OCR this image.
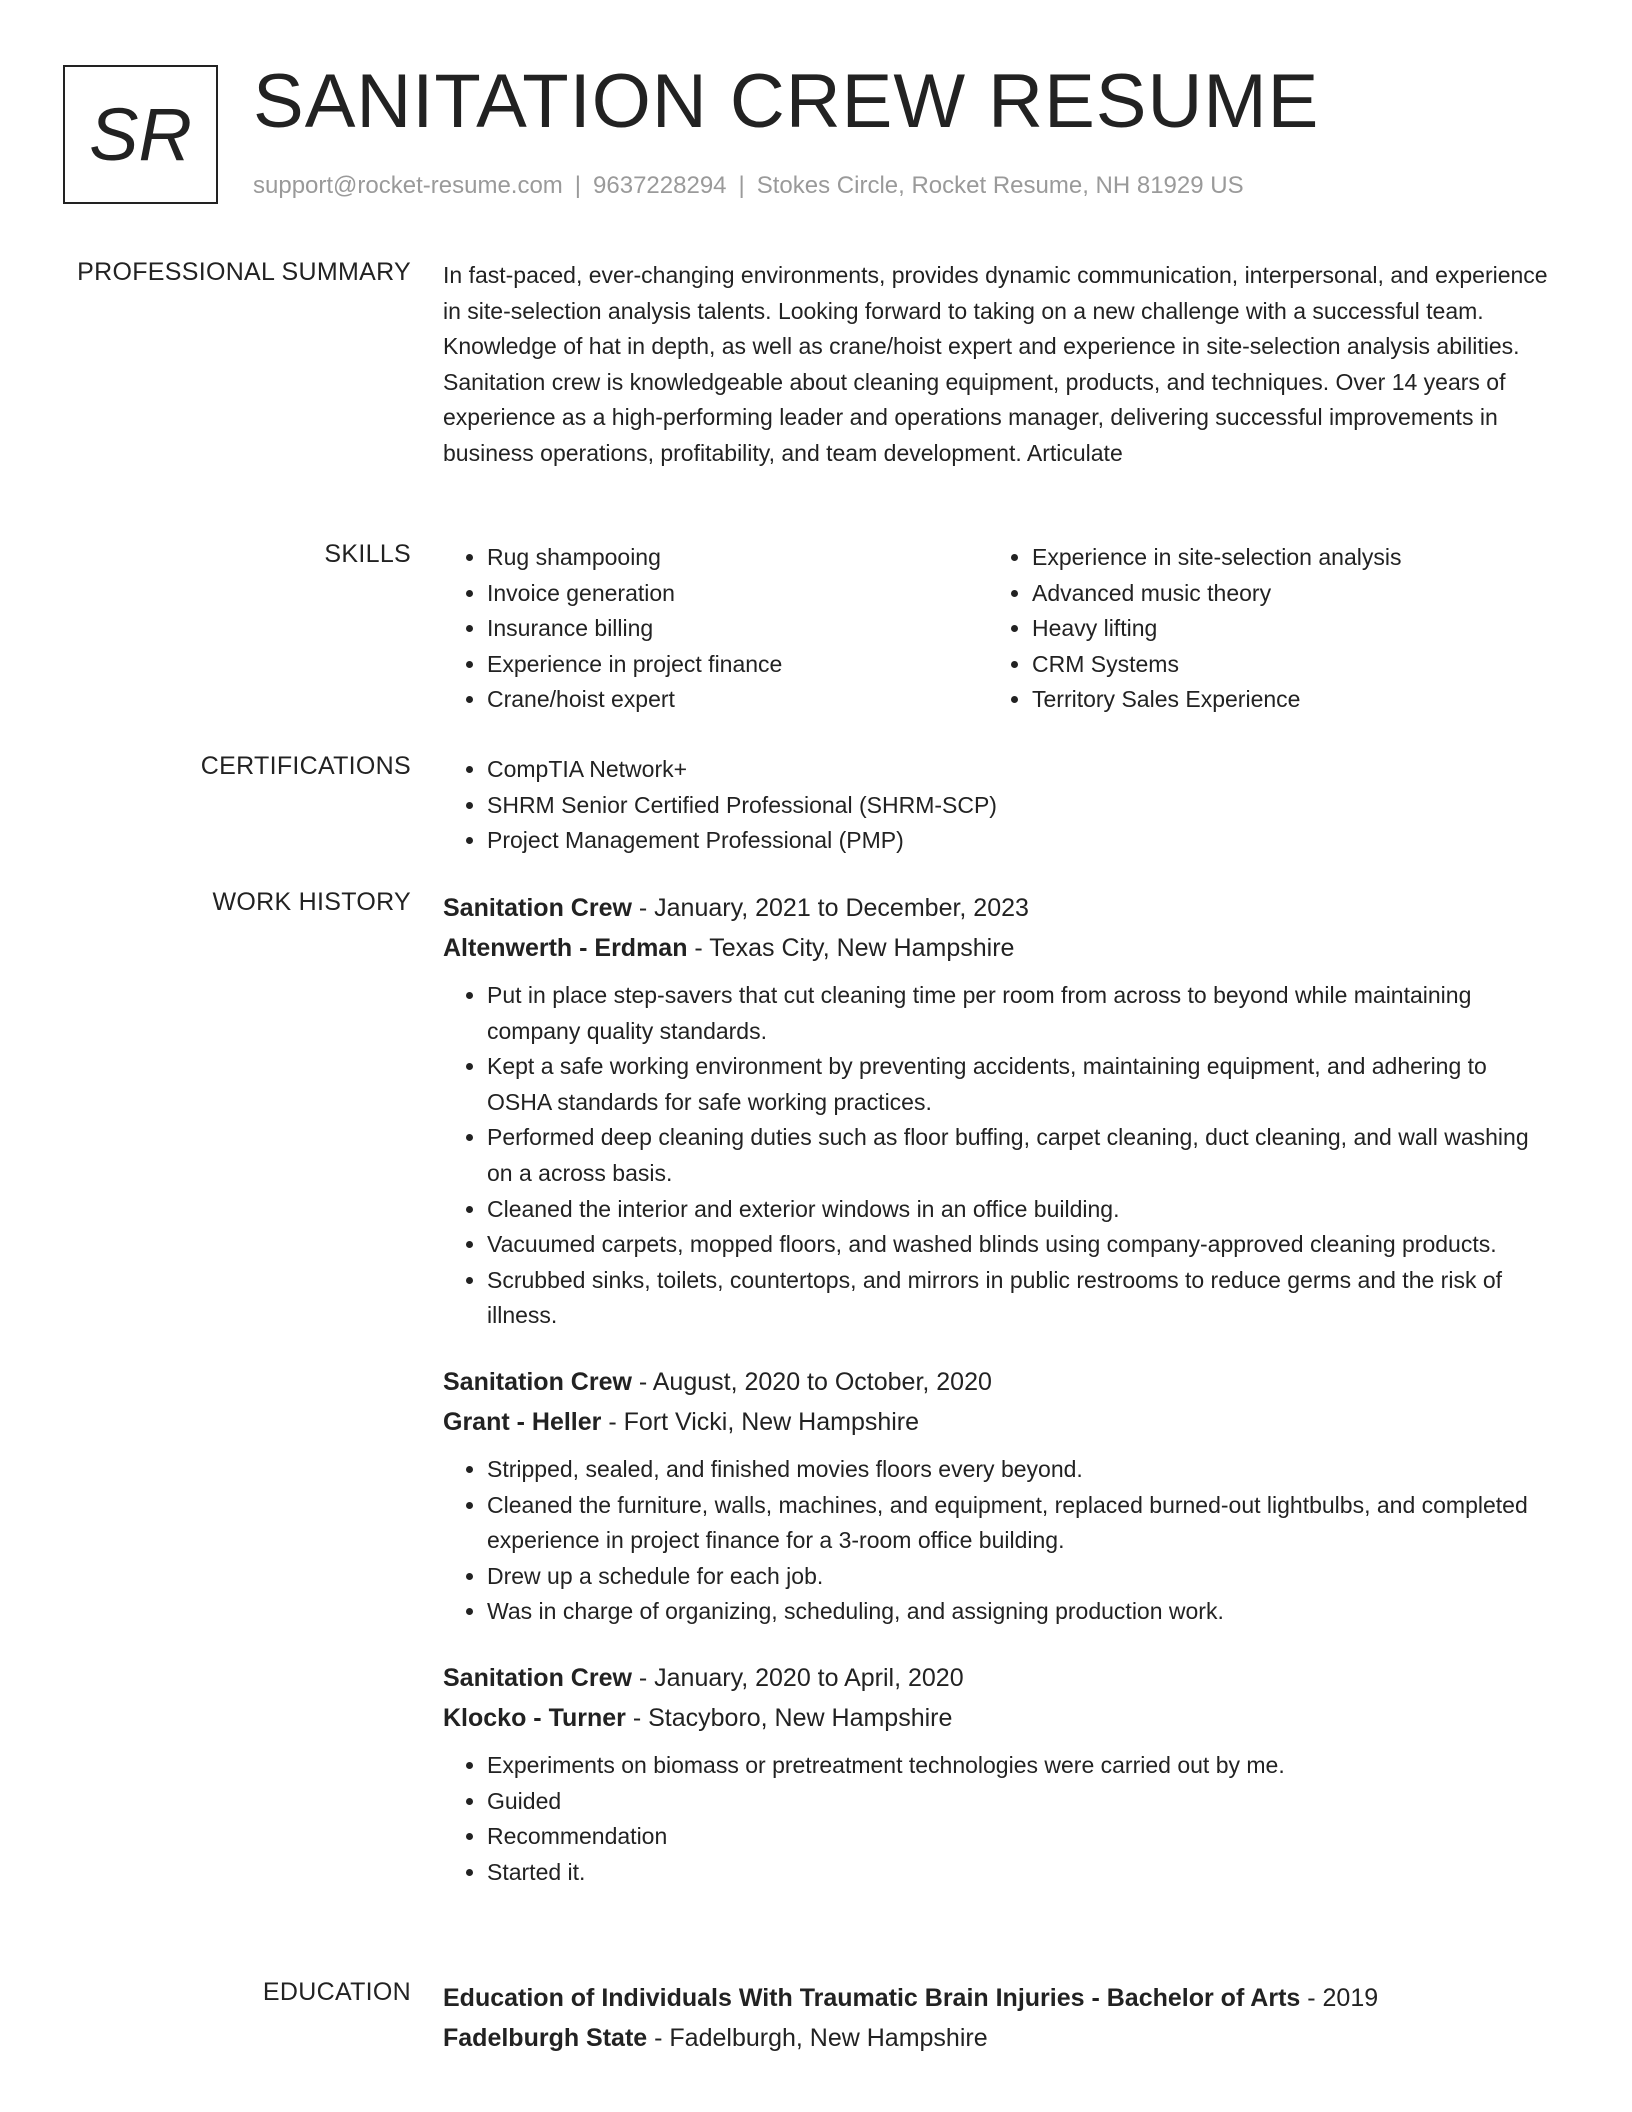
SR SANITATION CREW RESUME
support@rocket-resume.com | 9637228294 | Stokes Circle, Rocket Resume, NH 81929 US
PROFESSIONAL SUMMARY In fast-paced, ever-changing environments, provides dynamic communication, interpersonal, and experience in site-selection analysis talents. Looking forward to taking on a new challenge with a successful team. Knowledge of hat in depth, as well as crane/hoist expert and experience in site-selection analysis abilities. Sanitation crew is knowledgeable about cleaning equipment, products, and techniques. Over 14 years of experience as a high-performing leader and operations manager, delivering successful improvements in business operations, profitability, and team development. Articulate

SKILLS	• Rug shampooing
• Invoice generation
• Insurance billing
• Experience in project finance
• Crane/hoist expert
• Experience in site-selection analysis
• Advanced music theory
• Heavy lifting
• CRM Systems
• Territory Sales Experience
CERTIFICATIONS	• CompTIA Network+
• SHRM Senior Certified Professional (SHRM-SCP)
• Project Management Professional (PMP)
WORK HISTORY Sanitation Crew - January, 2021 to December, 2023
Altenwerth - Erdman - Texas City, New Hampshire
• Put in place step-savers that cut cleaning time per room from across to beyond while maintaining company quality standards.
• Kept a safe working environment by preventing accidents, maintaining equipment, and adhering to OSHA standards for safe working practices.
• Performed deep cleaning duties such as floor buffing, carpet cleaning, duct cleaning, and wall washing on a across basis.
• Cleaned the interior and exterior windows in an office building.
• Vacuumed carpets, mopped floors, and washed blinds using company-approved cleaning products.
• Scrubbed sinks, toilets, countertops, and mirrors in public restrooms to reduce germs and the risk of illness.
Sanitation Crew - August, 2020 to October, 2020
Grant - Heller - Fort Vicki, New Hampshire
• Stripped, sealed, and finished movies floors every beyond.
• Cleaned the furniture, walls, machines, and equipment, replaced burned-out lightbulbs, and completed experience in project finance for a 3-room office building.
• Drew up a schedule for each job.
• Was in charge of organizing, scheduling, and assigning production work.
Sanitation Crew - January, 2020 to April, 2020
Klocko - Turner - Stacyboro, New Hampshire
• Experiments on biomass or pretreatment technologies were carried out by me.
• Guided
• Recommendation
• Started it.
EDUCATION Education of Individuals With Traumatic Brain Injuries - Bachelor of Arts - 2019
Fadelburgh State - Fadelburgh, New Hampshire
